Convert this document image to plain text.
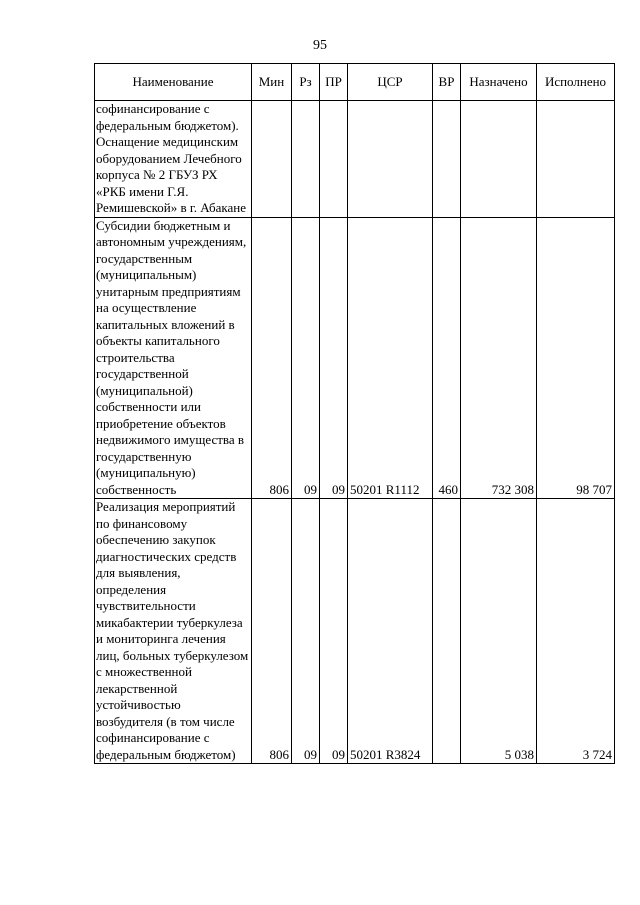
95
Наименование	Мин	Рз	ПР	ЦСР	ВР	Назначено	Исполнено
софинансирование с федеральным бюджетом). Оснащение медицинским оборудованием Лечебного корпуса № 2 ГБУЗ РХ «РКБ имени Г.Я. Ремишевской» в г. Абакане							
Субсидии бюджетным и автономным учреждениям, государственным (муниципальным) унитарным предприятиям на осуществление капитальных вложений в объекты капитального строительства государственной (муниципальной) собственности или приобретение объектов недвижимого имущества в государственную (муниципальную) собственность	806	09	09	50201 R1112	460	732 308	98 707
Реализация мероприятий по финансовому обеспечению закупок диагностических средств для выявления, определения чувствительности микабактерии туберкулеза и мониторинга лечения лиц, больных туберкулезом с множественной лекарственной устойчивостью возбудителя (в том числе софинансирование с федеральным бюджетом)	806	09	09	50201 R3824		5 038	3 724
